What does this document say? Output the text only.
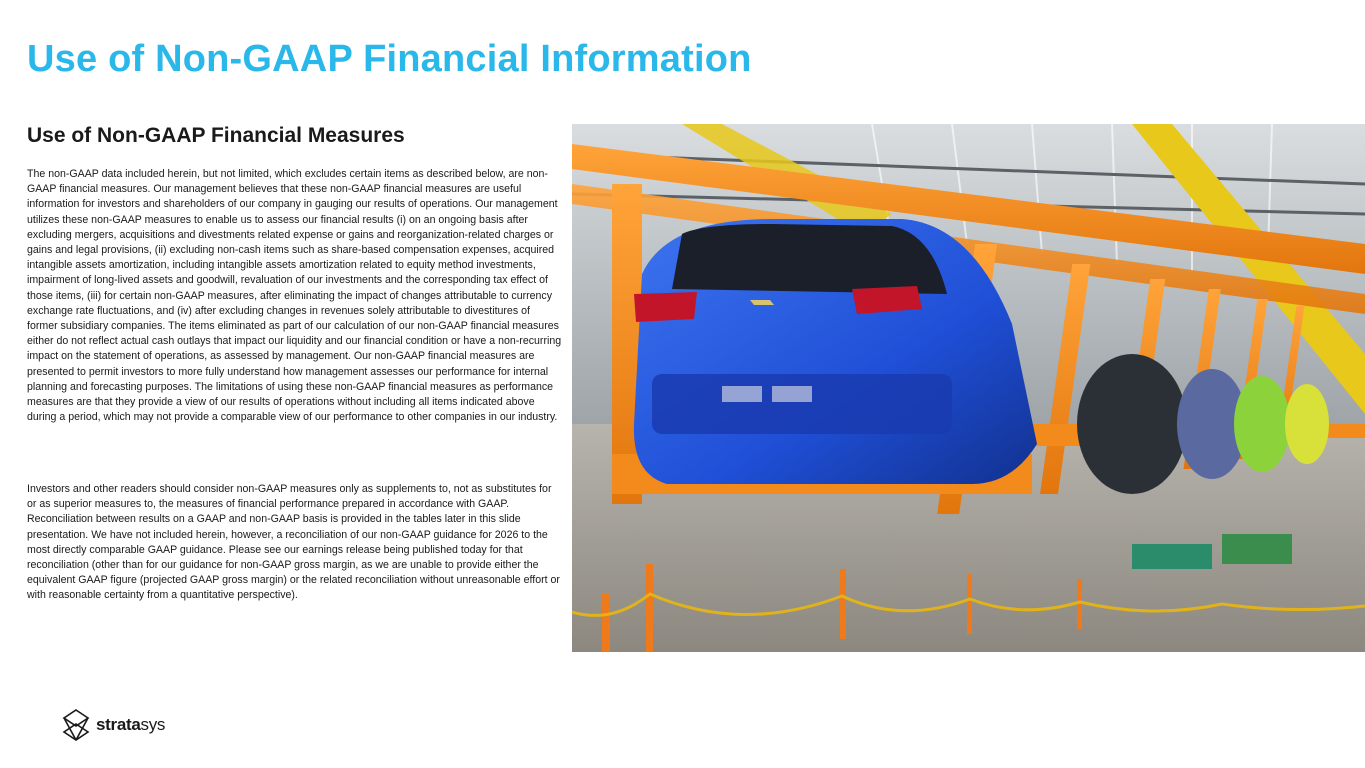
Use of Non-GAAP Financial Information
Use of Non-GAAP Financial Measures

The non-GAAP data included herein, but not limited, which excludes certain items as described below, are non-GAAP financial measures. Our management believes that these non-GAAP financial measures are useful information for investors and shareholders of our company in gauging our results of operations. Our management utilizes these non-GAAP measures to enable us to assess our financial results (i) on an ongoing basis after excluding mergers, acquisitions and divestments related expense or gains and reorganization-related charges or gains and legal provisions, (ii) excluding non-cash items such as share-based compensation expenses, acquired intangible assets amortization, including intangible assets amortization related to equity method investments, impairment of long-lived assets and goodwill, revaluation of our investments and the corresponding tax effect of those items, (iii) for certain non-GAAP measures, after eliminating the impact of changes attributable to currency exchange rate fluctuations, and (iv) after excluding changes in revenues solely attributable to divestitures of former subsidiary companies. The items eliminated as part of our calculation of our non-GAAP financial measures either do not reflect actual cash outlays that impact our liquidity and our financial condition or have a non-recurring impact on the statement of operations, as assessed by management. Our non-GAAP financial measures are presented to permit investors to more fully understand how management assesses our performance for internal planning and forecasting purposes. The limitations of using these non-GAAP financial measures as performance measures are that they provide a view of our results of operations without including all items indicated above during a period, which may not provide a comparable view of our performance to other companies in our industry.

Investors and other readers should consider non-GAAP measures only as supplements to, not as substitutes for or as superior measures to, the measures of financial performance prepared in accordance with GAAP. Reconciliation between results on a GAAP and non-GAAP basis is provided in the tables later in this slide presentation. We have not included herein, however, a reconciliation of our non-GAAP guidance for 2026 to the most directly comparable GAAP guidance. Please see our earnings release being published today for that reconciliation (other than for our guidance for non-GAAP gross margin, as we are unable to provide either the equivalent GAAP figure (projected GAAP gross margin) or the related reconciliation without unreasonable effort or with reasonable certainty from a quantitative perspective).

stratasys
